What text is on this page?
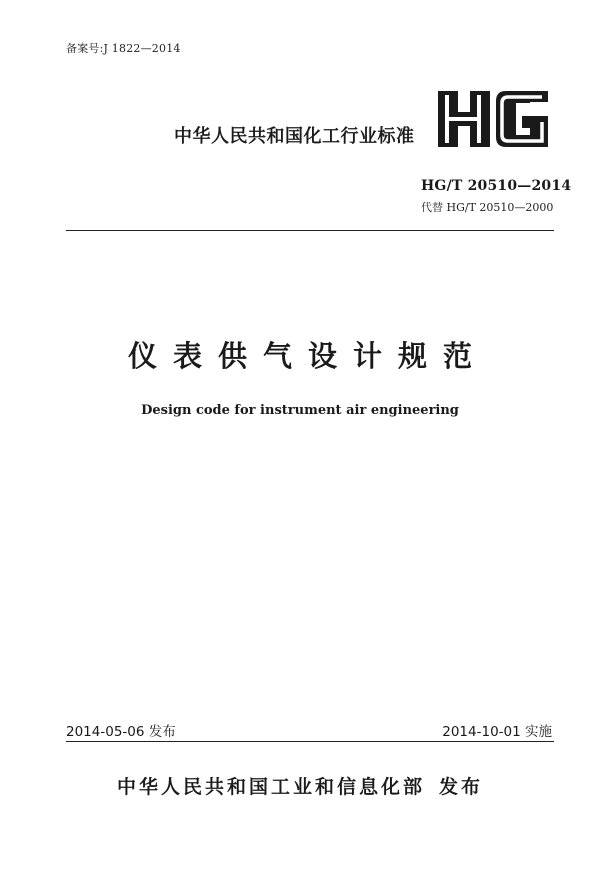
备案号:J 1822—2014
中华人民共和国化工行业标准
HG/T 20510—2014
代替 HG/T 20510—2000
仪表供气设计规范
Design code for instrument air engineering
2014-05-06 发布	2014-10-01 实施
中华人民共和国工业和信息化部 发布
